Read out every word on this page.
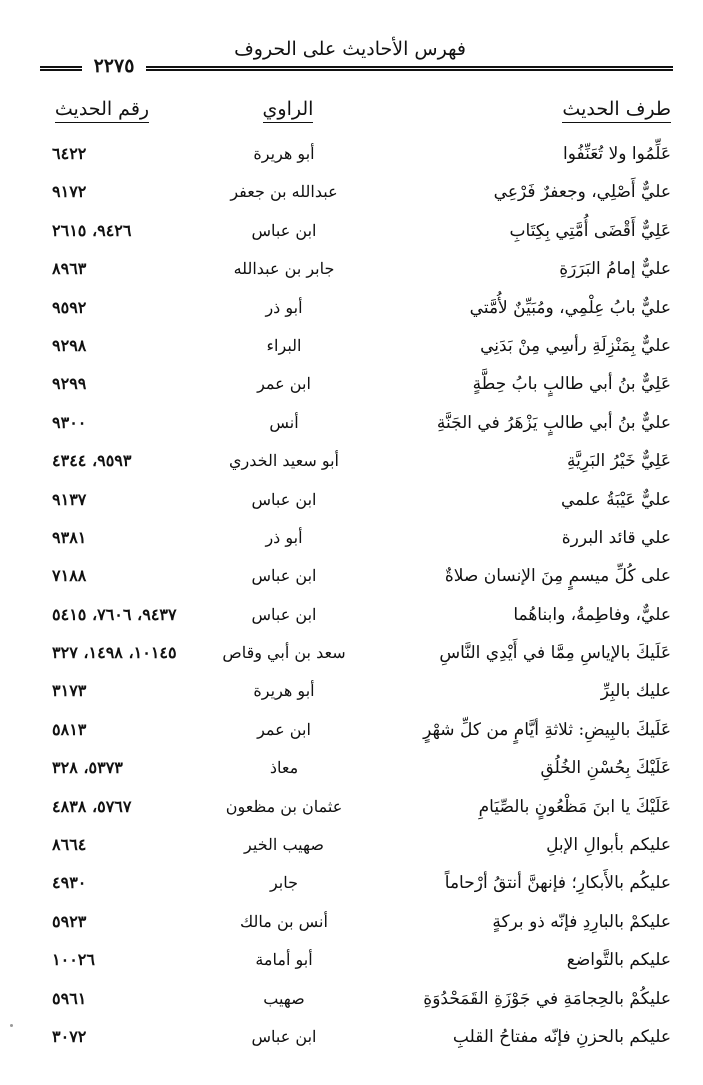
فهرس الأحاديث على الحروف
٢٢٧٥
طرف الحديث
الراوي
رقم الحديث
عَلِّمُوا ولا تُعَنِّفُوا
أبو هريرة
٦٤٢٢
عليٌّ أَصْلِي، وجعفرٌ فَرْعِي
عبدالله بن جعفر
٩١٧٢
عَلِيٌّ أَقْضَى أُمَّتِي بِكِتَابِ
ابن عباس
٩٤٢٦، ٢٦١٥
عليٌّ إمامُ البَرَرَةِ
جابر بن عبدالله
٨٩٦٣
عليٌّ بابُ عِلْمِي، ومُبَيِّنٌ لأُمَّتي
أبو ذر
٩٥٩٢
عليٌّ بِمَنْزِلَةِ رأسِي مِنْ بَدَنِي
البراء
٩٢٩٨
عَلِيٌّ بنُ أبي طالبٍ بابُ حِطَّةٍ
ابن عمر
٩٢٩٩
عليٌّ بنُ أبي طالبٍ يَزْهَرُ في الجَنَّةِ
أنس
٩٣٠٠
عَلِيٌّ خَيْرُ البَرِيَّةِ
أبو سعيد الخدري
٩٥٩٣، ٤٣٤٤
عليٌّ عَيْبَةُ علمي
ابن عباس
٩١٣٧
علي قائد البررة
أبو ذر
٩٣٨١
على كُلِّ ميسمٍ مِنَ الإنسان صلاةٌ
ابن عباس
٧١٨٨
عليٌّ، وفاطِمةُ، وابناهُما
ابن عباس
٩٤٣٧، ٧٦٠٦، ٥٤١٥
عَلَيكَ بالإياسِ مِمَّا في أَيْدِي النَّاسِ
سعد بن أبي وقاص
١٠١٤٥، ١٤٩٨، ٣٢٧
عليك بالبِرِّ
أبو هريرة
٣١٧٣
عَلَيكَ بالبِيضِ: ثلاثةِ أيَّامٍ من كلِّ شهْرٍ
ابن عمر
٥٨١٣
عَلَيْكَ بِحُسْنِ الخُلُقِ
معاذ
٥٣٧٣، ٣٢٨
عَلَيْكَ يا ابنَ مَظْعُونٍ بالصِّيَامِ
عثمان بن مظعون
٥٧٦٧، ٤٨٣٨
عليكم بأبوالِ الإبلِ
صهيب الخير
٨٦٦٤
عليكُم بالأَبكارِ؛ فإنهنَّ أنتقُ أرْحاماً
جابر
٤٩٣٠
عليكمْ بالبارِدِ فإنّه ذو بركةٍ
أنس بن مالك
٥٩٢٣
عليكم بالتَّواضع
أبو أمامة
١٠٠٢٦
عليكُمْ بالحِجامَةِ في جَوْزَةِ القَمَحْدُوَةِ
صهيب
٥٩٦١
عليكم بالحزنِ فإنّه مفتاحُ القلبِ
ابن عباس
٣٠٧٢
